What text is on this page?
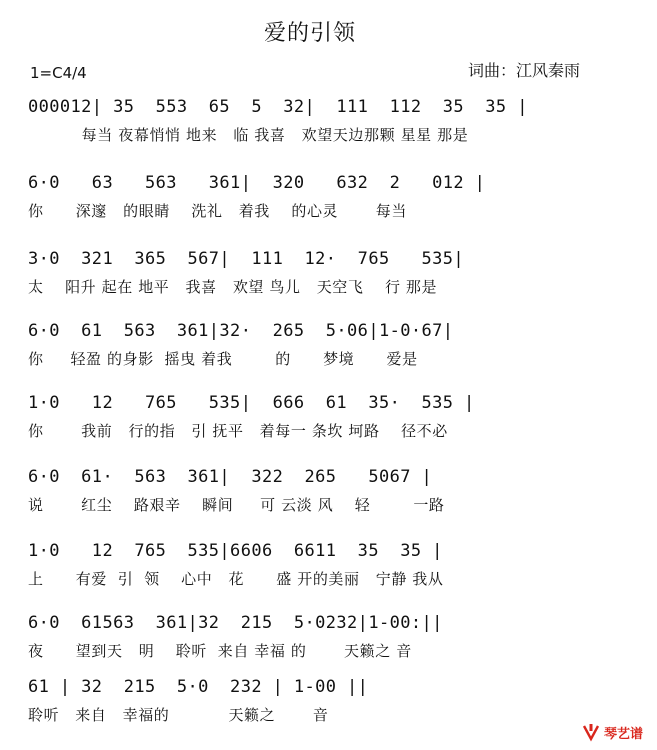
爱的引领
1=C4/4	词曲：江风秦雨
000012| 35  553  65  5  32|  111  112  35  35 |
每当 夜幕悄悄 地来   临 我喜   欢望天边那颗 星星 那是
6·0   63   563   361|  320   632  2   012 |
你      深邃   的眼睛    洗礼   着我    的心灵       每当
3·0  321  365  567|  111  12·  765   535|
太    阳升 起在 地平   我喜   欢望 鸟儿   天空飞    行 那是
6·0  61  563  361|32·  265  5·06|1-0·67|
你     轻盈 的身影  摇曳 着我        的      梦境      爱是
1·0   12   765   535|  666  61  35·  535 |
你       我前   行的指   引 抚平   着每一 条坎 坷路    径不必
6·0  61·  563  361|  322  265   5067 |
说       红尘    路艰辛    瞬间     可 云淡 风    轻        一路
1·0   12  765  535|6606  6611  35  35 |
上      有爱  引  领    心中   花      盛 开的美丽   宁静 我从
6·0  61563  361|32  215  5·0232|1-00:||
夜      望到天   明    聆听  来自 幸福 的       天籁之 音
61 | 32  215  5·0  232 | 1-00 ||
聆听   来自   幸福的           天籁之       音
琴艺谱
